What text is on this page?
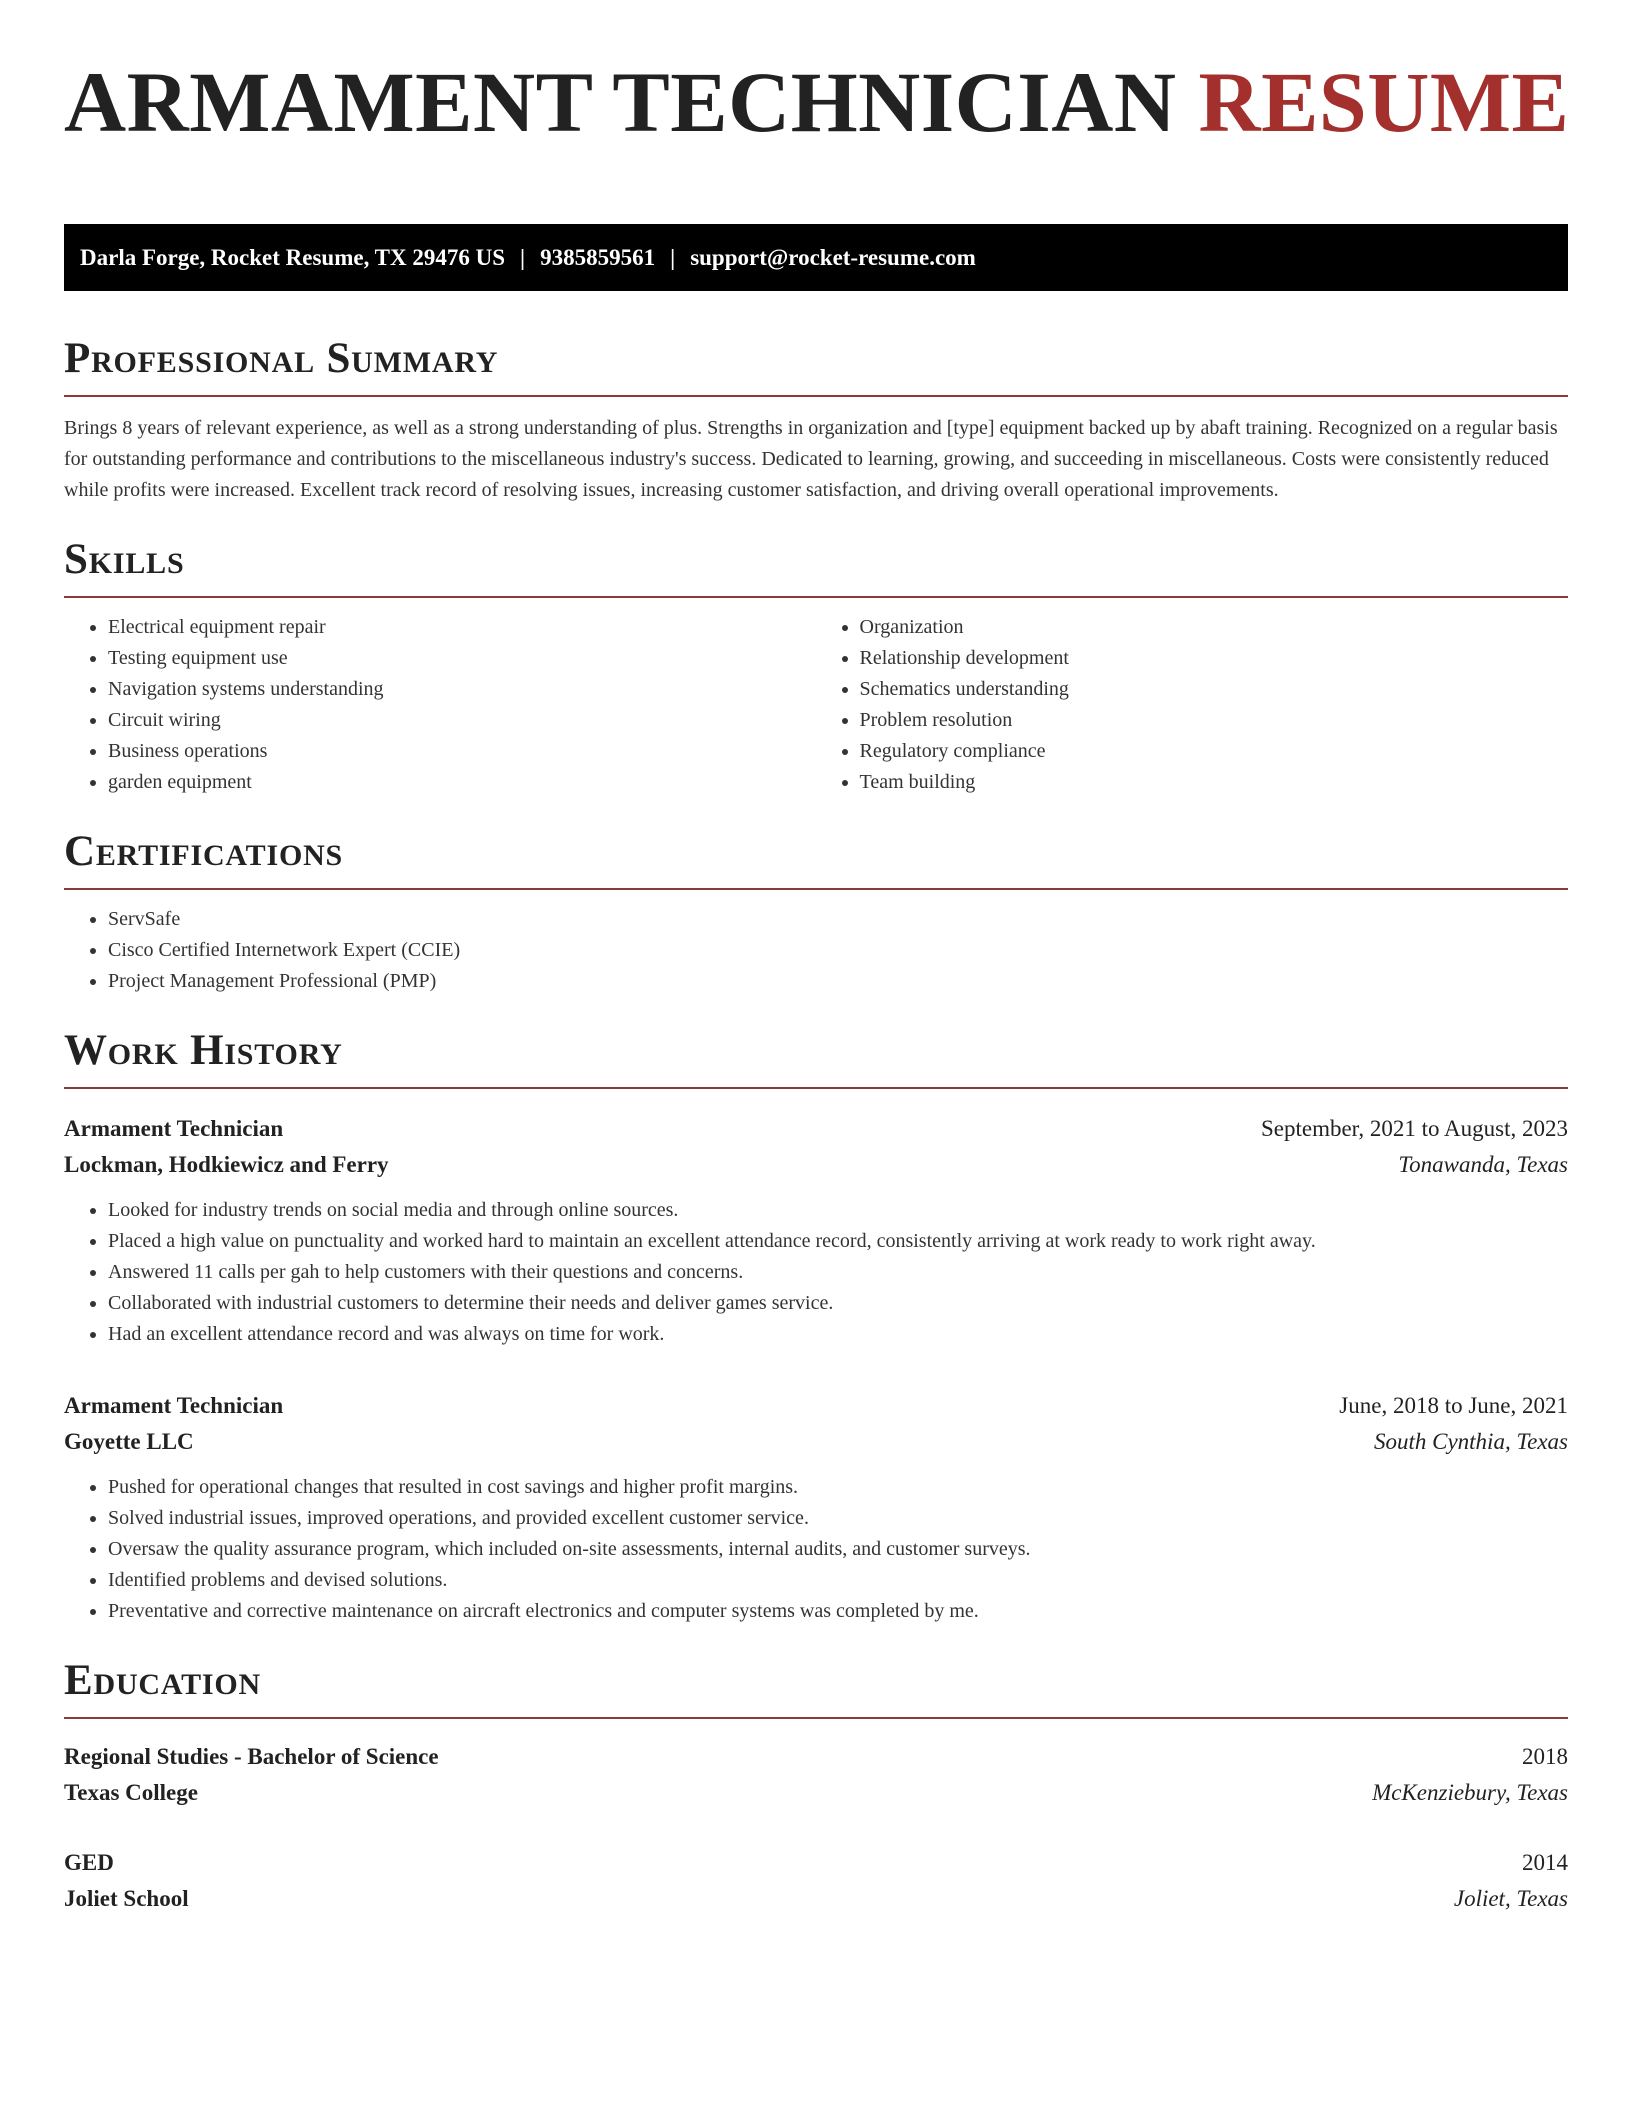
ARMAMENT TECHNICIAN RESUME
Darla Forge, Rocket Resume, TX 29476 US | 9385859561 | support@rocket-resume.com
Professional Summary

Brings 8 years of relevant experience, as well as a strong understanding of plus. Strengths in organization and [type] equipment backed up by abaft training. Recognized on a regular basis for outstanding performance and contributions to the miscellaneous industry's success. Dedicated to learning, growing, and succeeding in miscellaneous. Costs were consistently reduced while profits were increased. Excellent track record of resolving issues, increasing customer satisfaction, and driving overall operational improvements.

Skills
• Electrical equipment repair
• Testing equipment use
• Navigation systems understanding
• Circuit wiring
• Business operations
• garden equipment
• Organization
• Relationship development
• Schematics understanding
• Problem resolution
• Regulatory compliance
• Team building
Certifications
• ServSafe
• Cisco Certified Internetwork Expert (CCIE)
• Project Management Professional (PMP)
Work History
Armament Technician	September, 2021 to August, 2023
Lockman, Hodkiewicz and Ferry	Tonawanda, Texas
• Looked for industry trends on social media and through online sources.
• Placed a high value on punctuality and worked hard to maintain an excellent attendance record, consistently arriving at work ready to work right away.
• Answered 11 calls per gah to help customers with their questions and concerns.
• Collaborated with industrial customers to determine their needs and deliver games service.
• Had an excellent attendance record and was always on time for work.
Armament Technician	June, 2018 to June, 2021
Goyette LLC	South Cynthia, Texas
• Pushed for operational changes that resulted in cost savings and higher profit margins.
• Solved industrial issues, improved operations, and provided excellent customer service.
• Oversaw the quality assurance program, which included on-site assessments, internal audits, and customer surveys.
• Identified problems and devised solutions.
• Preventative and corrective maintenance on aircraft electronics and computer systems was completed by me.
Education
Regional Studies - Bachelor of Science	2018
Texas College	McKenziebury, Texas
GED	2014
Joliet School	Joliet, Texas
